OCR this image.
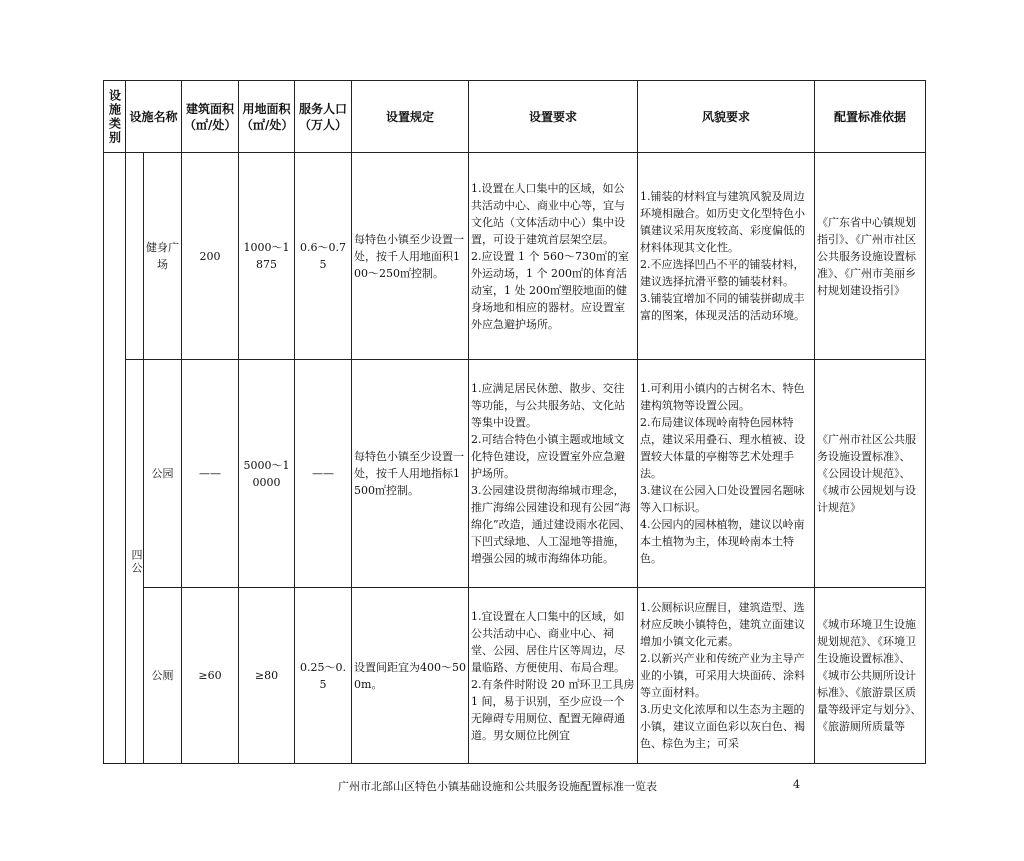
设施类别	设施名称		建筑面积（㎡/处）	用地面积（㎡/处）	服务人口（万人）	设置规定	设置要求	风貌要求	配置标准依据
		健身广场	200	1000～1875	0.6～0.75	每特色小镇至少设置一处，按千人用地面积100～250㎡控制。	1.设置在人口集中的区域，如公共活动中心、商业中心等，宜与文化站（文体活动中心）集中设置，可设于建筑首层架空层。
2.应设置 1 个 560～730㎡的室外运动场，1 个 200㎡的体育活动室，1 处 200㎡塑胶地面的健身场地和相应的器材。应设置室外应急避护场所。	1.铺装的材料宜与建筑风貌及周边环境相融合。如历史文化型特色小镇建议采用灰度较高、彩度偏低的材料体现其文化性。
2.不应选择凹凸不平的铺装材料，建议选择抗滑平整的铺装材料。
3.铺装宜增加不同的铺装拼砌成丰富的图案，体现灵活的活动环境。	《广东省中心镇规划指引》、《广州市社区公共服务设施设置标准》、《广州市美丽乡村规划建设指引》

	四公	公园	——	5000～10000	——	每特色小镇至少设置一处，按千人用地指标1500㎡控制。	1.应满足居民休憩、散步、交往等功能，与公共服务站、文化站等集中设置。
2.可结合特色小镇主题或地域文化特色建设，应设置室外应急避护场所。
3.公园建设贯彻海绵城市理念，推广海绵公园建设和现有公园“海绵化”改造，通过建设雨水花园、下凹式绿地、人工湿地等措施，增强公园的城市海绵体功能。	1.可利用小镇内的古树名木、特色建构筑物等设置公园。
2.布局建议体现岭南特色园林特点，建议采用叠石、理水植被、设置较大体量的亭榭等艺术处理手法。
3.建议在公园入口处设置园名题咏等入口标识。
4.公园内的园林植物，建议以岭南本土植物为主，体现岭南本土特色。	《广州市社区公共服务设施设置标准》、《公园设计规范》、《城市公园规划与设计规范》
		公厕	≥60	≥80	0.25～0.5	设置间距宜为400～500m。	1.宜设置在人口集中的区域，如公共活动中心、商业中心、祠堂、公园、居住片区等周边，尽量临路、方便使用、布局合理。
2.有条件时附设 20 ㎡环卫工具房 1 间，易于识别，至少应设一个无障碍专用厕位、配置无障碍通道。男女厕位比例宜	1.公厕标识应醒目，建筑造型、选材应反映小镇特色，建筑立面建议增加小镇文化元素。
2.以新兴产业和传统产业为主导产业的小镇，可采用大块面砖、涂料等立面材料。
3.历史文化浓厚和以生态为主题的小镇，建议立面色彩以灰白色、褐色、棕色为主；可采	《城市环境卫生设施规划规范》、《环境卫生设施设置标准》、《城市公共厕所设计标准》、《旅游景区质量等级评定与划分》、《旅游厕所质量等
广州市北部山区特色小镇基础设施和公共服务设施配置标准一览表	4
